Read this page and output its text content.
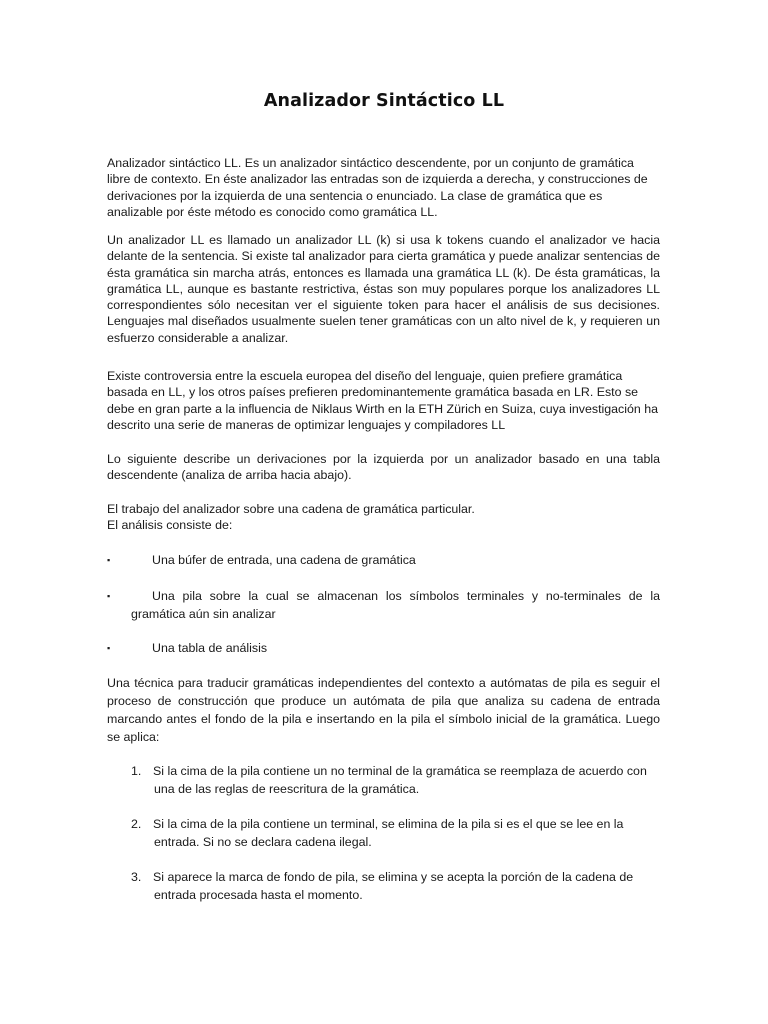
Analizador Sintáctico LL
Analizador sintáctico LL. Es un analizador sintáctico descendente, por un conjunto de gramática libre de contexto. En éste analizador las entradas son de izquierda a derecha, y construcciones de derivaciones por la izquierda de una sentencia o enunciado. La clase de gramática que es analizable por éste método es conocido como gramática LL.
Un analizador LL es llamado un analizador LL (k) si usa k tokens cuando el analizador ve hacia delante de la sentencia. Si existe tal analizador para cierta gramática y puede analizar sentencias de ésta gramática sin marcha atrás, entonces es llamada una gramática LL (k). De ésta gramáticas, la gramática LL, aunque es bastante restrictiva, éstas son muy populares porque los analizadores LL correspondientes sólo necesitan ver el siguiente token para hacer el análisis de sus decisiones. Lenguajes mal diseñados usualmente suelen tener gramáticas con un alto nivel de k, y requieren un esfuerzo considerable a analizar.
Existe controversia entre la escuela europea del diseño del lenguaje, quien prefiere gramática basada en LL, y los otros países prefieren predominantemente gramática basada en LR. Esto se debe en gran parte a la influencia de Niklaus Wirth en la ETH Zürich en Suiza, cuya investigación ha descrito una serie de maneras de optimizar lenguajes y compiladores LL
Lo siguiente describe un derivaciones por la izquierda por un analizador basado en una tabla descendente (analiza de arriba hacia abajo).
El trabajo del analizador sobre una cadena de gramática particular.
El análisis consiste de:
▪	Una búfer de entrada, una cadena de gramática
▪	Una pila sobre la cual se almacenan los símbolos terminales y no-terminales de la gramática aún sin analizar
▪	Una tabla de análisis
Una técnica para traducir gramáticas independientes del contexto a autómatas de pila es seguir el proceso de construcción que produce un autómata de pila que analiza su cadena de entrada marcando antes el fondo de la pila e insertando en la pila el símbolo inicial de la gramática. Luego se aplica:
1. Si la cima de la pila contiene un no terminal de la gramática se reemplaza de acuerdo con
una de las reglas de reescritura de la gramática.
2. Si la cima de la pila contiene un terminal, se elimina de la pila si es el que se lee en la
entrada. Si no se declara cadena ilegal.
3. Si aparece la marca de fondo de pila, se elimina y se acepta la porción de la cadena de
entrada procesada hasta el momento.
